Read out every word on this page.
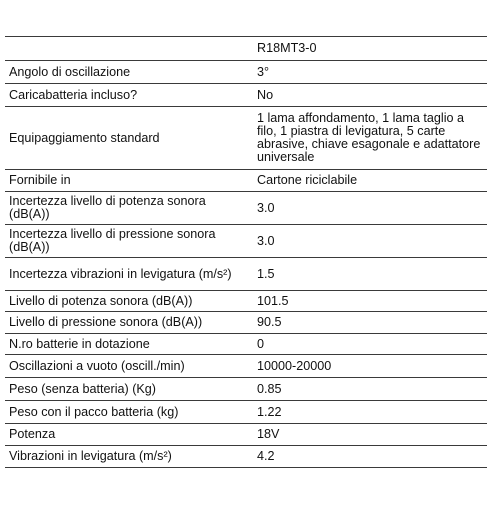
	R18MT3-0
Angolo di oscillazione	3°
Caricabatteria incluso?	No
Equipaggiamento standard	1 lama affondamento, 1 lama taglio a filo, 1 piastra di levigatura, 5 carte abrasive, chiave esagonale e adattatore universale
Fornibile in	Cartone riciclabile
Incertezza livello di potenza sonora (dB(A))	3.0
Incertezza livello di pressione sonora (dB(A))	3.0
Incertezza vibrazioni in levigatura (m/s²)	1.5
Livello di potenza sonora (dB(A))	101.5
Livello di pressione sonora (dB(A))	90.5
N.ro batterie in dotazione	0
Oscillazioni a vuoto (oscill./min)	10000-20000
Peso (senza batteria) (Kg)	0.85
Peso con il pacco batteria (kg)	1.22
Potenza	18V
Vibrazioni in levigatura (m/s²)	4.2
